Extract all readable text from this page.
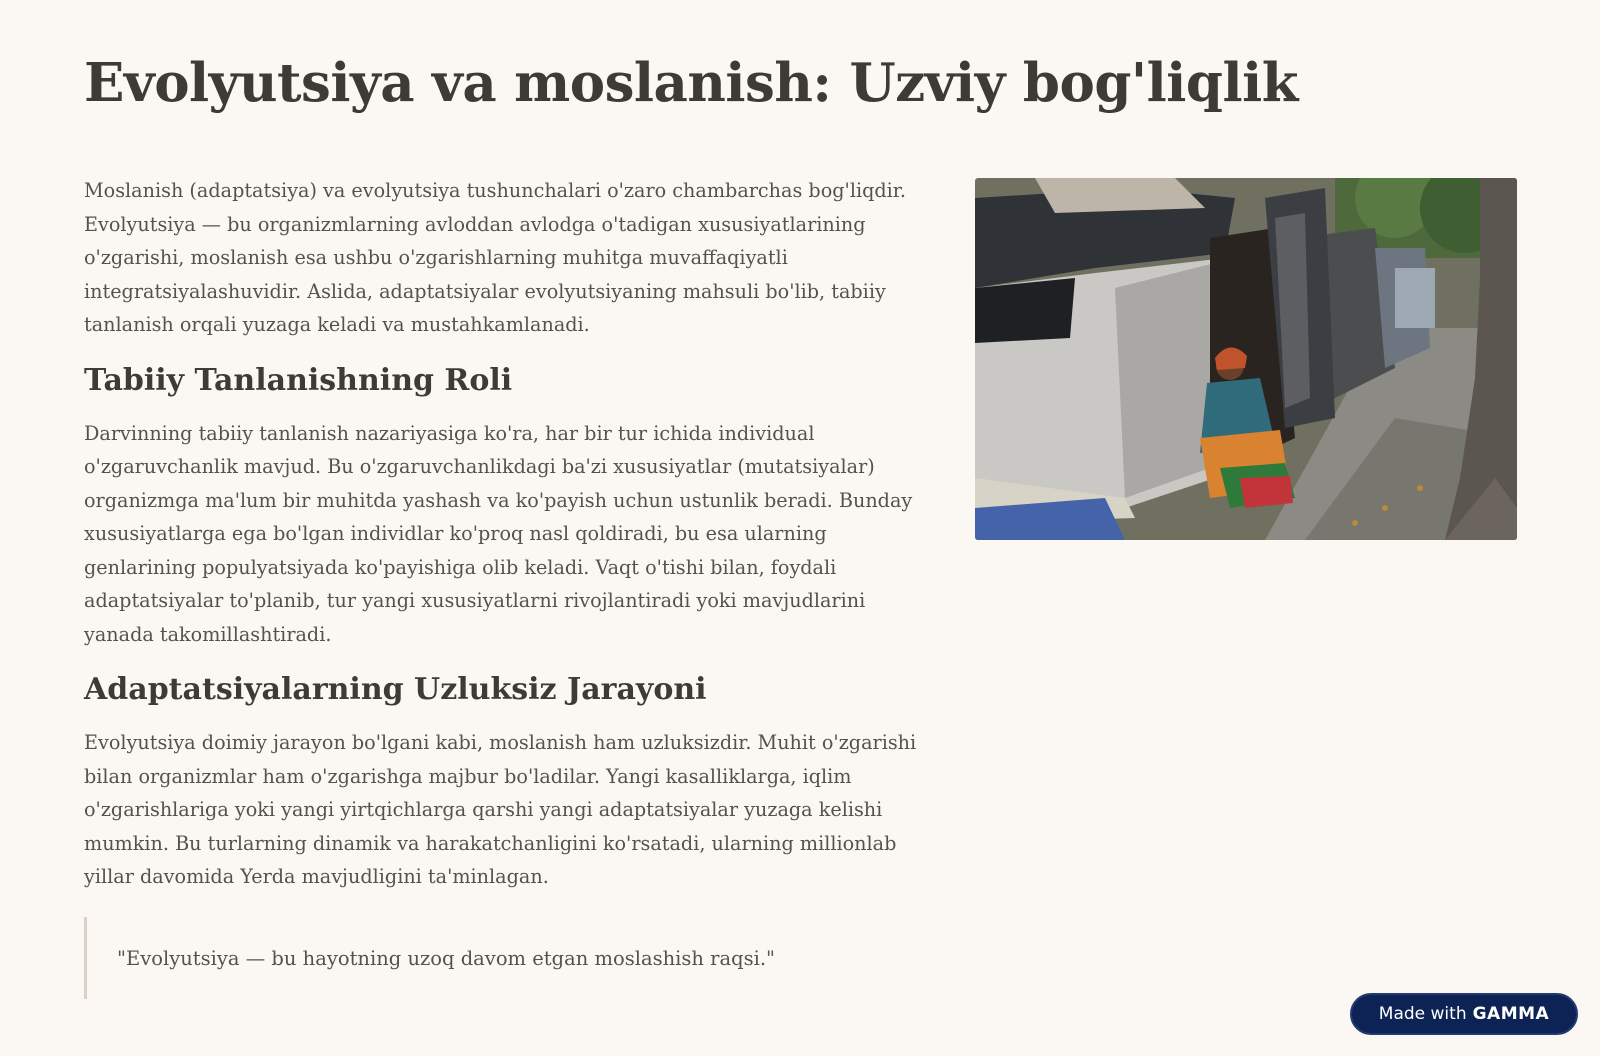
Evolyutsiya va moslanish: Uzviy bog'liqlik

Moslanish (adaptatsiya) va evolyutsiya tushunchalari o'zaro chambarchas bog'liqdir. Evolyutsiya — bu organizmlarning avloddan avlodga o'tadigan xususiyatlarining o'zgarishi, moslanish esa ushbu o'zgarishlarning muhitga muvaffaqiyatli integratsiyalashuvidir. Aslida, adaptatsiyalar evolyutsiyaning mahsuli bo'lib, tabiiy tanlanish orqali yuzaga keladi va mustahkamlanadi.

Tabiiy Tanlanishning Roli

Darvinning tabiiy tanlanish nazariyasiga ko'ra, har bir tur ichida individual o'zgaruvchanlik mavjud. Bu o'zgaruvchanlikdagi ba'zi xususiyatlar (mutatsiyalar) organizmga ma'lum bir muhitda yashash va ko'payish uchun ustunlik beradi. Bunday xususiyatlarga ega bo'lgan individlar ko'proq nasl qoldiradi, bu esa ularning genlarining populyatsiyada ko'payishiga olib keladi. Vaqt o'tishi bilan, foydali adaptatsiyalar to'planib, tur yangi xususiyatlarni rivojlantiradi yoki mavjudlarini yanada takomillashtiradi.

Adaptatsiyalarning Uzluksiz Jarayoni

Evolyutsiya doimiy jarayon bo'lgani kabi, moslanish ham uzluksizdir. Muhit o'zgarishi bilan organizmlar ham o'zgarishga majbur bo'ladilar. Yangi kasalliklarga, iqlim o'zgarishlariga yoki yangi yirtqichlarga qarshi yangi adaptatsiyalar yuzaga kelishi mumkin. Bu turlarning dinamik va harakatchanligini ko'rsatadi, ularning millionlab yillar davomida Yerda mavjudligini ta'minlagan.

"Evolyutsiya — bu hayotning uzoq davom etgan moslashish raqsi."
Made with GAMMA
